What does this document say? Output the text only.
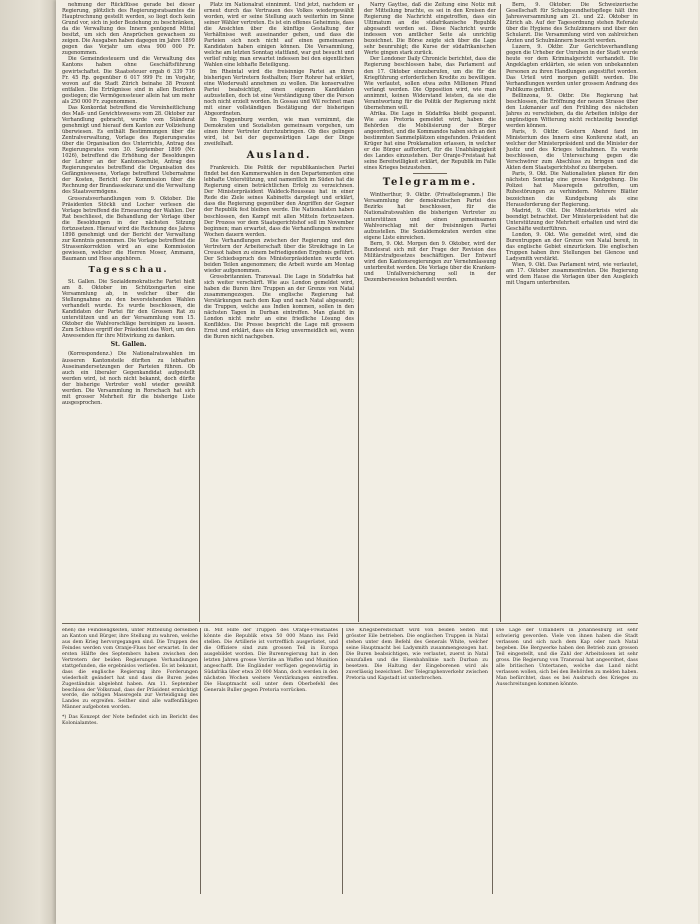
nehmung der Rückflüsse gerade bei dieser Regierung, plötzlich des Regierungsratsamtes die Hauptrechnung gestellt werden, so liegt doch kein Grund vor, sich in jeder Beziehung zu beschränken, da die Verwaltung des Innern genügend Mittel besitzt, um sich den Ansprüchen gewachsen zu zeigen. Die Ausgaben haben dagegen im Jahre 1899 gegen das Vorjahr um etwa 900 000 Fr. zugenommen.

Die Gemeindesteuern und die Verwaltung des Kantons haben ohne Geschäftsführung gewirtschaftet. Die Staatssteuer ergab 6 339 716 Fr. 45 Rp. gegenüber 6 017 999 Fr. im Vorjahr, wovon auf die Stadt Zürich beinahe 38 Prozent entfallen. Die Erträgnisse sind in allen Bezirken gestiegen; die Vermögenssteuer allein hat um mehr als 250 000 Fr. zugenommen.

Das Konkordat betreffend die Vereinheitlichung des Maß- und Gewichtswesens vom 28. Oktober zur Verhandlung gebracht, wurde vom Ständerat genehmigt und hierauf dem Kanton zur Vollziehung überwiesen. Es enthält Bestimmungen über die Zentralverwaltung, Vorlage des Regierungsrates über die Organisation des Unterrichts, Antrag des Regierungsrates vom 30. September 1899 (Nr. 1026), betreffend die Erhöhung der Besoldungen der Lehrer an der Kantonsschule, Antrag des Regierungsrates betreffend die Organisation des Gefängniswesens, Vorlage betreffend Uebernahme der Kosten, Bericht der Kommission über die Rechnung der Brandassekuranz und die Verwaltung des Staatsvermögens.

Grossratsverhandlungen vom 9. Oktober. Die Präsidenten Stöckli und Locher verlesen die Vorlage betreffend die Erneuerung der Wahlen. Der Rat beschliesst, die Behandlung der Vorlage über die Besoldungen in der nächsten Sitzung fortzusetzen. Hierauf wird die Rechnung des Jahres 1898 genehmigt und der Bericht der Verwaltung zur Kenntnis genommen. Die Vorlage betreffend die Strassenkorrektion wird an eine Kommission gewiesen, welcher die Herren Moser, Ammann, Baumann und Hess angehören.

Tagesschau.

St. Gallen. Die Sozialdemokratische Partei hielt am 8. Oktober im Schützengarten eine Versammlung ab, in welcher über die Stellungnahme zu den bevorstehenden Wahlen verhandelt wurde. Es wurde beschlossen, die Kandidaten der Partei für den Grossen Rat zu unterstützen und an der Versammlung vom 15. Oktober die Wahlvorschläge bereinigen zu lassen. Zum Schluss ergriff der Präsident das Wort, um den Anwesenden für ihre Mitwirkung zu danken.

St. Gallen.

(Korrespondenz.) Die Nationalratswahlen im äusseren Kantonsteile dürften zu lebhaften Auseinandersetzungen der Parteien führen. Ob auch ein liberaler Gegenkandidat aufgestellt werden wird, ist noch nicht bekannt, doch dürfte der bisherige Vertreter wohl wieder gewählt werden. Die Versammlung in Rorschach hat sich mit grosser Mehrheit für die bisherige Liste ausgesprochen.

Platz im Nationalrat einnimmt. Und jetzt, nachdem er erneut durch das Vertrauen des Volkes wiedergewählt worden, wird er seine Stellung auch weiterhin im Sinne seiner Wähler vertreten. Es ist ein offenes Geheimnis, dass die Ansichten über die künftige Gestaltung der Verhältnisse weit auseinander gehen, und dass die Parteien sich noch nicht auf einen gemeinsamen Kandidaten haben einigen können. Die Versammlung, welche am letzten Sonntag stattfand, war gut besucht und verlief ruhig; man erwartet indessen bei den eigentlichen Wahlen eine lebhafte Beteiligung.

Im Rheintal wird die freisinnige Partei an ihren bisherigen Vertretern festhalten; Herr Rohrer hat erklärt, eine Wiederwahl annehmen zu wollen. Die konservative Partei beabsichtigt, einen eigenen Kandidaten aufzustellen, doch ist eine Verständigung über die Person noch nicht erzielt worden. In Gossau und Wil rechnet man mit einer vollständigen Bestätigung der bisherigen Abgeordneten.

Im Toggenburg werden, wie man vernimmt, die Demokraten und Sozialisten gemeinsam vorgehen, um einen ihrer Vertreter durchzubringen. Ob dies gelingen wird, ist bei der gegenwärtigen Lage der Dinge zweifelhaft.

Ausland.

Frankreich. Die Politik der republikanischen Partei findet bei den Kammerwahlen in den Departementen eine lebhafte Unterstützung, und namentlich im Süden hat die Regierung einen beträchtlichen Erfolg zu verzeichnen. Der Ministerpräsident Waldeck-Rousseau hat in einer Rede die Ziele seines Kabinetts dargelegt und erklärt, dass die Regierung gegenüber den Angriffen der Gegner der Republik fest bleiben werde. Die Nationalisten haben beschlossen, den Kampf mit allen Mitteln fortzusetzen. Der Prozess vor dem Staatsgerichtshof soll im November beginnen; man erwartet, dass die Verhandlungen mehrere Wochen dauern werden.

Die Verhandlungen zwischen der Regierung und den Vertretern der Arbeiterschaft über die Streikfrage in Le Creusot haben zu einem befriedigenden Ergebnis geführt. Der Schiedsspruch des Ministerpräsidenten wurde von beiden Teilen angenommen; die Arbeit wurde am Montag wieder aufgenommen.

Grossbritannien. Transvaal. Die Lage in Südafrika hat sich weiter verschärft. Wie aus London gemeldet wird, haben die Buren ihre Truppen an der Grenze von Natal zusammengezogen. Die englische Regierung hat Verstärkungen nach dem Kap und nach Natal abgesandt; die Truppen, welche aus Indien kommen, sollen in den nächsten Tagen in Durban eintreffen. Man glaubt in London nicht mehr an eine friedliche Lösung des Konfliktes. Die Presse bespricht die Lage mit grossem Ernst und erklärt, dass ein Krieg unvermeidlich sei, wenn die Buren nicht nachgeben.

Narry Gayttse, daß die Zeitung eine Notiz mit der Mitteilung brachte, es sei in den Kreisen der Regierung die Nachricht eingetroffen, dass ein Ultimatum an die südafrikanische Republik abgesandt worden sei. Diese Nachricht wurde indessen von amtlicher Seite als unrichtig bezeichnet. Die Börse zeigte sich über die Lage sehr beunruhigt; die Kurse der südafrikanischen Werte gingen stark zurück.

Der Londoner Daily Chronicle berichtet, dass die Regierung beschlossen habe, das Parlament auf den 17. Oktober einzuberufen, um die für die Kriegführung erforderlichen Kredite zu bewilligen. Wie verlautet, sollen etwa zehn Millionen Pfund verlangt werden. Die Opposition wird, wie man annimmt, keinen Widerstand leisten, da sie die Verantwortung für die Politik der Regierung nicht übernehmen will.

Afrika. Die Lage in Südafrika bleibt gespannt. Wie aus Pretoria gemeldet wird, haben die Behörden die Mobilisierung der Bürger angeordnet, und die Kommandos haben sich an den bestimmten Sammelplätzen eingefunden. Präsident Krüger hat eine Proklamation erlassen, in welcher er die Bürger auffordert, für die Unabhängigkeit des Landes einzustehen. Der Oranje-Freistaat hat seine Bereitwilligkeit erklärt, der Republik im Falle eines Krieges beizustehen.

Telegramme.

Wintherthur, 9. Oktbr. (Privattelegramm.) Die Versammlung der demokratischen Partei des Bezirks hat beschlossen, für die Nationalratswahlen die bisherigen Vertreter zu unterstützen und einen gemeinsamen Wahlvorschlag mit der freisinnigen Partei aufzustellen. Die Sozialdemokraten werden eine eigene Liste einreichen.

Bern, 9. Okt. Morgen den 9. Oktober, wird der Bundesrat sich mit der Frage der Revision des Militärstrafgesetzes beschäftigen. Der Entwurf wird den Kantonsregierungen zur Vernehmlassung unterbreitet werden. Die Vorlage über die Kranken- und Unfallversicherung soll in der Dezembersession behandelt werden.

Bern, 9. Oktober. Die Schweizerische Gesellschaft für Schulgesundheitspflege hält ihre Jahresversammlung am 21. und 22. Oktober in Zürich ab. Auf der Tagesordnung stehen Referate über die Hygiene des Schulzimmers und über den Schularzt. Die Versammlung wird von zahlreichen Ärzten und Schulmännern besucht werden.

Luzern, 9. Oktbr. Zur Gerichtsverhandlung gegen die Urheber der Unruhen in der Stadt wurde heute vor dem Kriminalgericht verhandelt. Die Angeklagten erklärten, sie seien von unbekannten Personen zu ihren Handlungen angestiftet worden. Das Urteil wird morgen gefällt werden. Die Verhandlungen werden unter grossem Andrang des Publikums geführt.

Bellinzona, 9. Oktbr. Die Regierung hat beschlossen, die Eröffnung der neuen Strasse über den Lukmanier auf den Frühling des nächsten Jahres zu verschieben, da die Arbeiten infolge der ungünstigen Witterung nicht rechtzeitig beendigt werden können.

Paris, 9. Oktbr. Gestern Abend fand im Ministerium des Innern eine Konferenz statt, an welcher der Ministerpräsident und die Minister der Justiz und des Krieges teilnahmen. Es wurde beschlossen, die Untersuchung gegen die Verschwörer zum Abschluss zu bringen und die Akten dem Staatsgerichtshof zu übergeben.

Paris, 9. Okt. Die Nationalisten planen für den nächsten Sonntag eine grosse Kundgebung. Die Polizei hat Massregeln getroffen, um Ruhestörungen zu verhindern. Mehrere Blätter bezeichnen die Kundgebung als eine Herausforderung der Regierung.

Madrid, 9. Okt. Die Ministerkrisis wird als beendigt betrachtet. Der Ministerpräsident hat die Unterstützung der Mehrheit erhalten und wird die Geschäfte weiterführen.

London, 9. Okt. Wie gemeldet wird, sind die Burentruppen an der Grenze von Natal bereit, in das englische Gebiet einzurücken. Die englischen Truppen haben ihre Stellungen bei Glencoe und Ladysmith verstärkt.

Wien, 9. Okt. Das Parlament wird, wie verlautet, am 17. Oktober zusammentreten. Die Regierung wird dem Hause die Vorlagen über den Ausgleich mit Ungarn unterbreiten.

ehen) die Feindseligkeiten, unter Mitteilung derselben an Kanton und Bürger, ihre Stellung zu wahren, welche aus dem Krieg hervorgegangen sind. Die Truppen des Feindes werden vom Oranje-Fluss her erwartet. In der ersten Hälfte des Septembers haben zwischen den Vertretern der beiden Regierungen Verhandlungen stattgefunden, die ergebnislos verliefen. Es ist bekannt, dass die englische Regierung ihre Forderungen wiederholt geändert hat und dass die Buren jedes Zugeständnis abgelehnt haben. Am 11. September beschloss der Volksraad, dass der Präsident ermächtigt werde, die nötigen Massregeln zur Verteidigung des Landes zu ergreifen. Seither sind alle waffenfähigen Männer aufgeboten worden.
*) Das Konzept der Note befindet sich im Bericht des Kolonialamtes.
in. Mit Hilfe der Truppen des Oranje-Freistaates könnte die Republik etwa 50 000 Mann ins Feld stellen. Die Artillerie ist vortrefflich ausgerüstet, und die Offiziere sind zum grossen Teil in Europa ausgebildet worden. Die Burenregierung hat in den letzten Jahren grosse Vorräte an Waffen und Munition angeschafft. Die Engländer verfügen gegenwärtig in Südafrika über etwa 20 000 Mann, doch werden in den nächsten Wochen weitere Verstärkungen eintreffen. Die Hauptmacht soll unter dem Oberbefehl des Generals Buller gegen Pretoria vorrücken.
Die Kriegsbereitschaft wird von beiden Seiten mit grösster Eile betrieben. Die englischen Truppen in Natal stehen unter dem Befehl des Generals White, welcher seine Hauptmacht bei Ladysmith zusammengezogen hat. Die Buren beabsichtigen, wie verlautet, zuerst in Natal einzufallen und die Eisenbahnlinie nach Durban zu besetzen. Die Haltung der Eingeborenen wird als zuverlässig bezeichnet. Der Telegraphenverkehr zwischen Pretoria und Kapstadt ist unterbrochen.
Die Lage der Uitlanders in Johannesburg ist sehr schwierig geworden. Viele von ihnen haben die Stadt verlassen und sich nach dem Kap oder nach Natal begeben. Die Bergwerke haben den Betrieb zum grossen Teil eingestellt, und die Zahl der Arbeitslosen ist sehr gross. Die Regierung von Transvaal hat angeordnet, dass alle britischen Untertanen, welche das Land nicht verlassen wollen, sich bei den Behörden zu melden haben. Man befürchtet, dass es bei Ausbruch des Krieges zu Ausschreitungen kommen könnte.
